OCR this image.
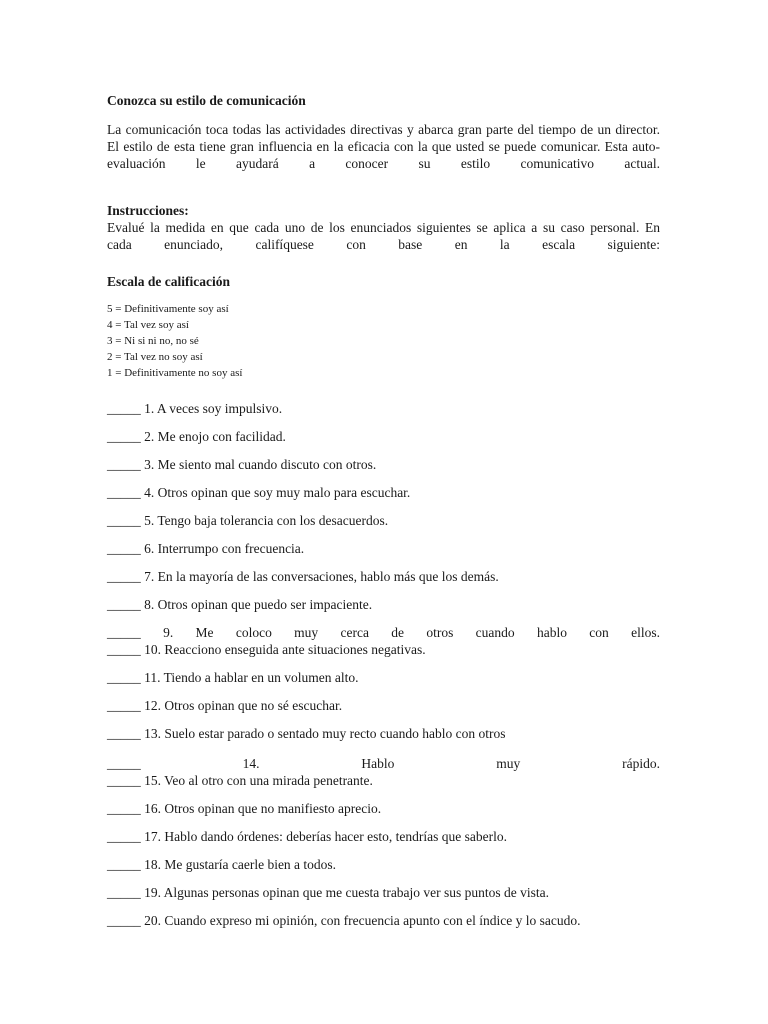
Conozca su estilo de comunicación

La comunicación toca todas las actividades directivas y abarca gran parte del tiempo de un director.

El estilo de esta tiene gran influencia en la eficacia con la que usted se puede comunicar. Esta auto-

evaluación le ayudará a conocer su estilo comunicativo actual.

Instrucciones:

Evalué la medida en que cada uno de los enunciados siguientes se aplica a su caso personal. En

cada enunciado, califíquese con base en la escala siguiente:

Escala de calificación

5 = Definitivamente soy así

4 = Tal vez soy así

3 = Ni si ni no, no sé

2 = Tal vez no soy así

1 = Definitivamente no soy así

_____ 1. A veces soy impulsivo.
_____ 2. Me enojo con facilidad.
_____ 3. Me siento mal cuando discuto con otros.
_____ 4. Otros opinan que soy muy malo para escuchar.
_____ 5. Tengo baja tolerancia con los desacuerdos.
_____ 6. Interrumpo con frecuencia.
_____ 7. En la mayoría de las conversaciones, hablo más que los demás.
_____ 8. Otros opinan que puedo ser impaciente.
_____ 9. Me coloco muy cerca de otros cuando hablo con ellos.
_____ 10. Reacciono enseguida ante situaciones negativas.
_____ 11. Tiendo a hablar en un volumen alto.
_____ 12. Otros opinan que no sé escuchar.
_____ 13. Suelo estar parado o sentado muy recto cuando hablo con otros
_____	14. Hablo muy rápido.
_____ 15. Veo al otro con una mirada penetrante.
_____ 16. Otros opinan que no manifiesto aprecio.
_____ 17. Hablo dando órdenes: deberías hacer esto, tendrías que saberlo.
_____ 18. Me gustaría caerle bien a todos.
_____ 19. Algunas personas opinan que me cuesta trabajo ver sus puntos de vista.
_____ 20. Cuando expreso mi opinión, con frecuencia apunto con el índice y lo sacudo.
